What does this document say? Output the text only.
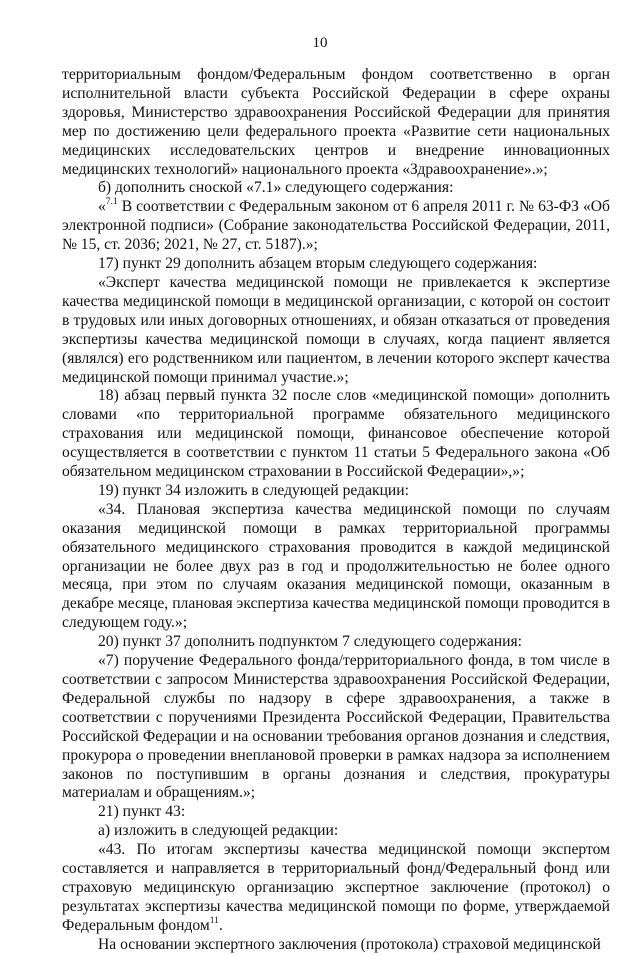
10

территориальным фондом/Федеральным фондом соответственно в орган исполнительной власти субъекта Российской Федерации в сфере охраны здоровья, Министерство здравоохранения Российской Федерации для принятия мер по достижению цели федерального проекта «Развитие сети национальных медицинских исследовательских центров и внедрение инновационных медицинских технологий» национального проекта «Здравоохранение».»;

б) дополнить сноской «7.1» следующего содержания:

«$^{7.1}$ В соответствии с Федеральным законом от 6 апреля 2011 г. № 63-ФЗ «Об электронной подписи» (Собрание законодательства Российской Федерации, 2011, № 15, ст. 2036; 2021, № 27, ст. 5187).»;

17) пункт 29 дополнить абзацем вторым следующего содержания:

«Эксперт качества медицинской помощи не привлекается к экспертизе качества медицинской помощи в медицинской организации, с которой он состоит в трудовых или иных договорных отношениях, и обязан отказаться от проведения экспертизы качества медицинской помощи в случаях, когда пациент является (являлся) его родственником или пациентом, в лечении которого эксперт качества медицинской помощи принимал участие.»;

18) абзац первый пункта 32 после слов «медицинской помощи» дополнить словами «по территориальной программе обязательного медицинского страхования или медицинской помощи, финансовое обеспечение которой осуществляется в соответствии с пунктом 11 статьи 5 Федерального закона «Об обязательном медицинском страховании в Российской Федерации»,»;

19) пункт 34 изложить в следующей редакции:

«34. Плановая экспертиза качества медицинской помощи по случаям оказания медицинской помощи в рамках территориальной программы обязательного медицинского страхования проводится в каждой медицинской организации не более двух раз в год и продолжительностью не более одного месяца, при этом по случаям оказания медицинской помощи, оказанным в декабре месяце, плановая экспертиза качества медицинской помощи проводится в следующем году.»;

20) пункт 37 дополнить подпунктом 7 следующего содержания:

«7) поручение Федерального фонда/территориального фонда, в том числе в соответствии с запросом Министерства здравоохранения Российской Федерации, Федеральной службы по надзору в сфере здравоохранения, а также в соответствии с поручениями Президента Российской Федерации, Правительства Российской Федерации и на основании требования органов дознания и следствия, прокурора о проведении внеплановой проверки в рамках надзора за исполнением законов по поступившим в органы дознания и следствия, прокуратуры материалам и обращениям.»;

21) пункт 43:

а) изложить в следующей редакции:

«43. По итогам экспертизы качества медицинской помощи экспертом составляется и направляется в территориальный фонд/Федеральный фонд или страховую медицинскую организацию экспертное заключение (протокол) о результатах экспертизы качества медицинской помощи по форме, утверждаемой Федеральным фондом$^{11}$.

На основании экспертного заключения (протокола) страховой медицинской
